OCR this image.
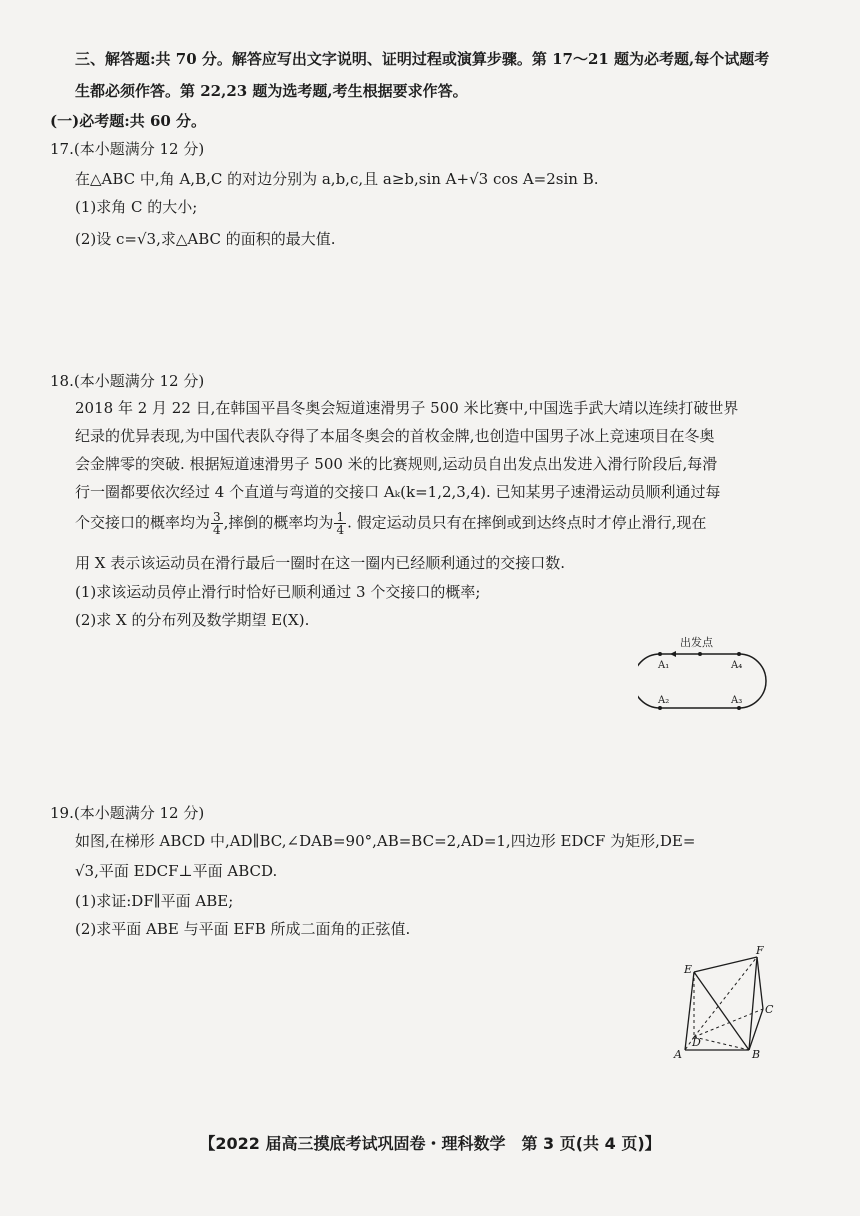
三、解答题:共 70 分。解答应写出文字说明、证明过程或演算步骤。第 17～21 题为必考题,每个试题考
生都必须作答。第 22,23 题为选考题,考生根据要求作答。
(一)必考题:共 60 分。
17.(本小题满分 12 分)
在△ABC 中,角 A,B,C 的对边分别为 a,b,c,且 a≥b,sin A+√3 cos A=2sin B.
(1)求角 C 的大小;
(2)设 c=√3,求△ABC 的面积的最大值.
18.(本小题满分 12 分)
2018 年 2 月 22 日,在韩国平昌冬奥会短道速滑男子 500 米比赛中,中国选手武大靖以连续打破世界
纪录的优异表现,为中国代表队夺得了本届冬奥会的首枚金牌,也创造中国男子冰上竞速项目在冬奥
会金牌零的突破. 根据短道速滑男子 500 米的比赛规则,运动员自出发点出发进入滑行阶段后,每滑
行一圈都要依次经过 4 个直道与弯道的交接口 Aₖ(k=1,2,3,4). 已知某男子速滑运动员顺利通过每
个交接口的概率均为 $\frac{3}{4}$ ,摔倒的概率均为 $\frac{1}{4}$ . 假定运动员只有在摔倒或到达终点时才停止滑行,现在
用 X 表示该运动员在滑行最后一圈时在这一圈内已经顺利通过的交接口数.
(1)求该运动员停止滑行时恰好已顺利通过 3 个交接口的概率;
(2)求 X 的分布列及数学期望 E(X).
出发点
A₁	A₄
A₂	A₃
19.(本小题满分 12 分)
如图,在梯形 ABCD 中,AD∥BC,∠DAB=90°,AB=BC=2,AD=1,四边形 EDCF 为矩形,DE=
√3,平面 EDCF⊥平面 ABCD.
(1)求证:DF∥平面 ABE;
(2)求平面 ABE 与平面 EFB 所成二面角的正弦值.
E
F
C
D
A	B
【2022 届高三摸底考试巩固卷・理科数学　第 3 页(共 4 页)】
